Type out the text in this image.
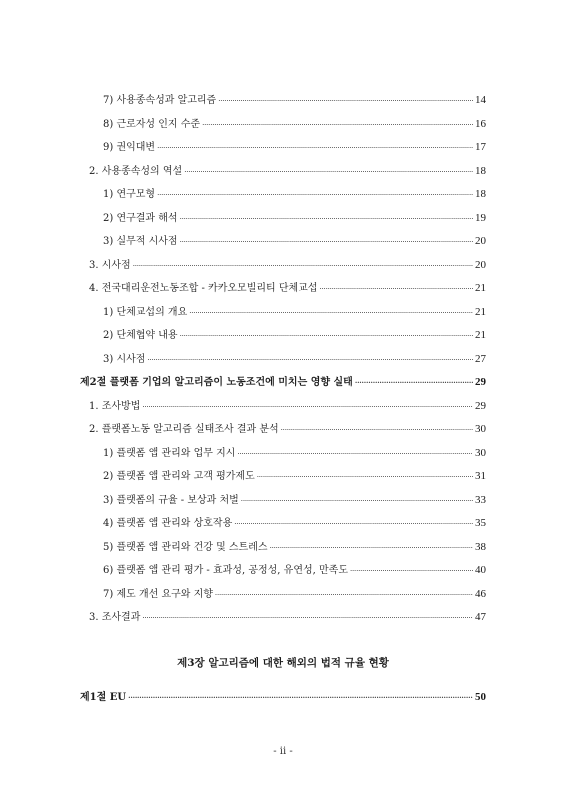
7) 사용종속성과 알고리즘 ·····	14
8) 근로자성 인지 수준 ·····	16
9) 권익대변 ·····	17
2. 사용종속성의 역설 ·····	18
1) 연구모형 ·····	18
2) 연구결과 해석 ·····	19
3) 실무적 시사점 ·····	20
3. 시사점 ·····	20
4. 전국대리운전노동조합 - 카카오모빌리티 단체교섭 ·····	21
1) 단체교섭의 개요 ·····	21
2) 단체협약 내용 ·····	21
3) 시사점 ·····	27
제2절 플랫폼 기업의 알고리즘이 노동조건에 미치는 영향 실태 ·····	29
1. 조사방법 ·····	29
2. 플랫폼노동 알고리즘 실태조사 결과 분석 ·····	30
1) 플랫폼 앱 관리와 업무 지시 ·····	30
2) 플랫폼 앱 관리와 고객 평가제도 ·····	31
3) 플랫폼의 규율 - 보상과 처벌 ·····	33
4) 플랫폼 앱 관리와 상호작용 ·····	35
5) 플랫폼 앱 관리와 건강 및 스트레스 ·····	38
6) 플랫폼 앱 관리 평가 - 효과성, 공정성, 유연성, 만족도 ·····	40
7) 제도 개선 요구와 지향 ·····	46
3. 조사결과 ·····	47
제3장 알고리즘에 대한 해외의 법적 규율 현황
제1절 EU ·····	50
- ii -
